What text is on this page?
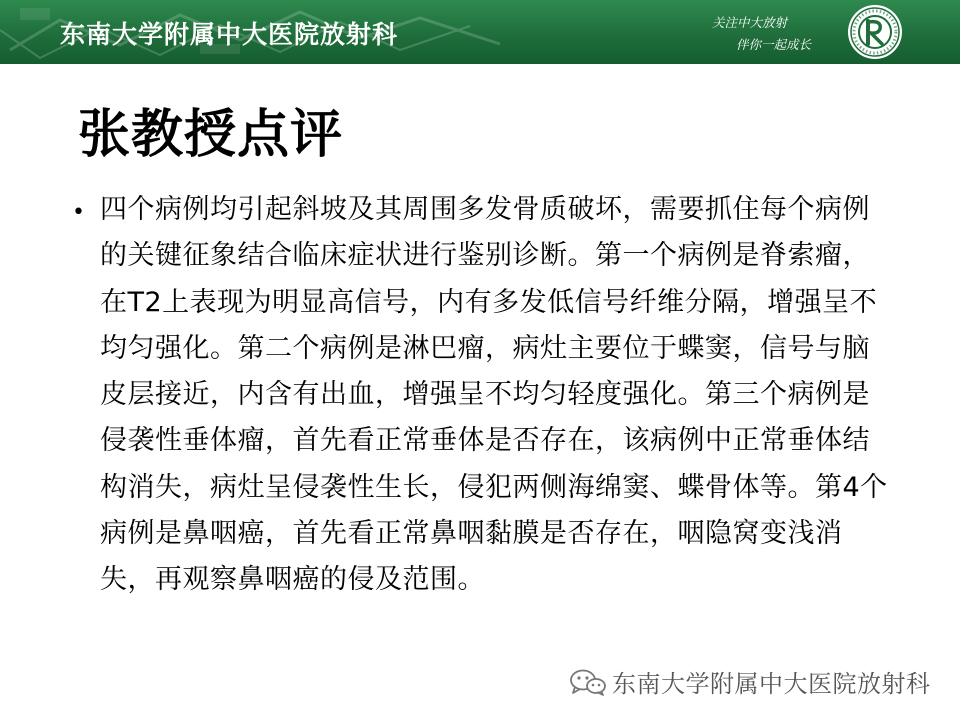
东南大学附属中大医院放射科	关注中大放射
伴你一起成长
张教授点评
• 四个病例均引起斜坡及其周围多发骨质破坏，需要抓住每个病例的关键征象结合临床症状进行鉴别诊断。第一个病例是脊索瘤，在T2上表现为明显高信号，内有多发低信号纤维分隔，增强呈不均匀强化。第二个病例是淋巴瘤，病灶主要位于蝶窦，信号与脑皮层接近，内含有出血，增强呈不均匀轻度强化。第三个病例是侵袭性垂体瘤，首先看正常垂体是否存在，该病例中正常垂体结构消失，病灶呈侵袭性生长，侵犯两侧海绵窦、蝶骨体等。第4个病例是鼻咽癌，首先看正常鼻咽黏膜是否存在，咽隐窝变浅消失，再观察鼻咽癌的侵及范围。
东南大学附属中大医院放射科
